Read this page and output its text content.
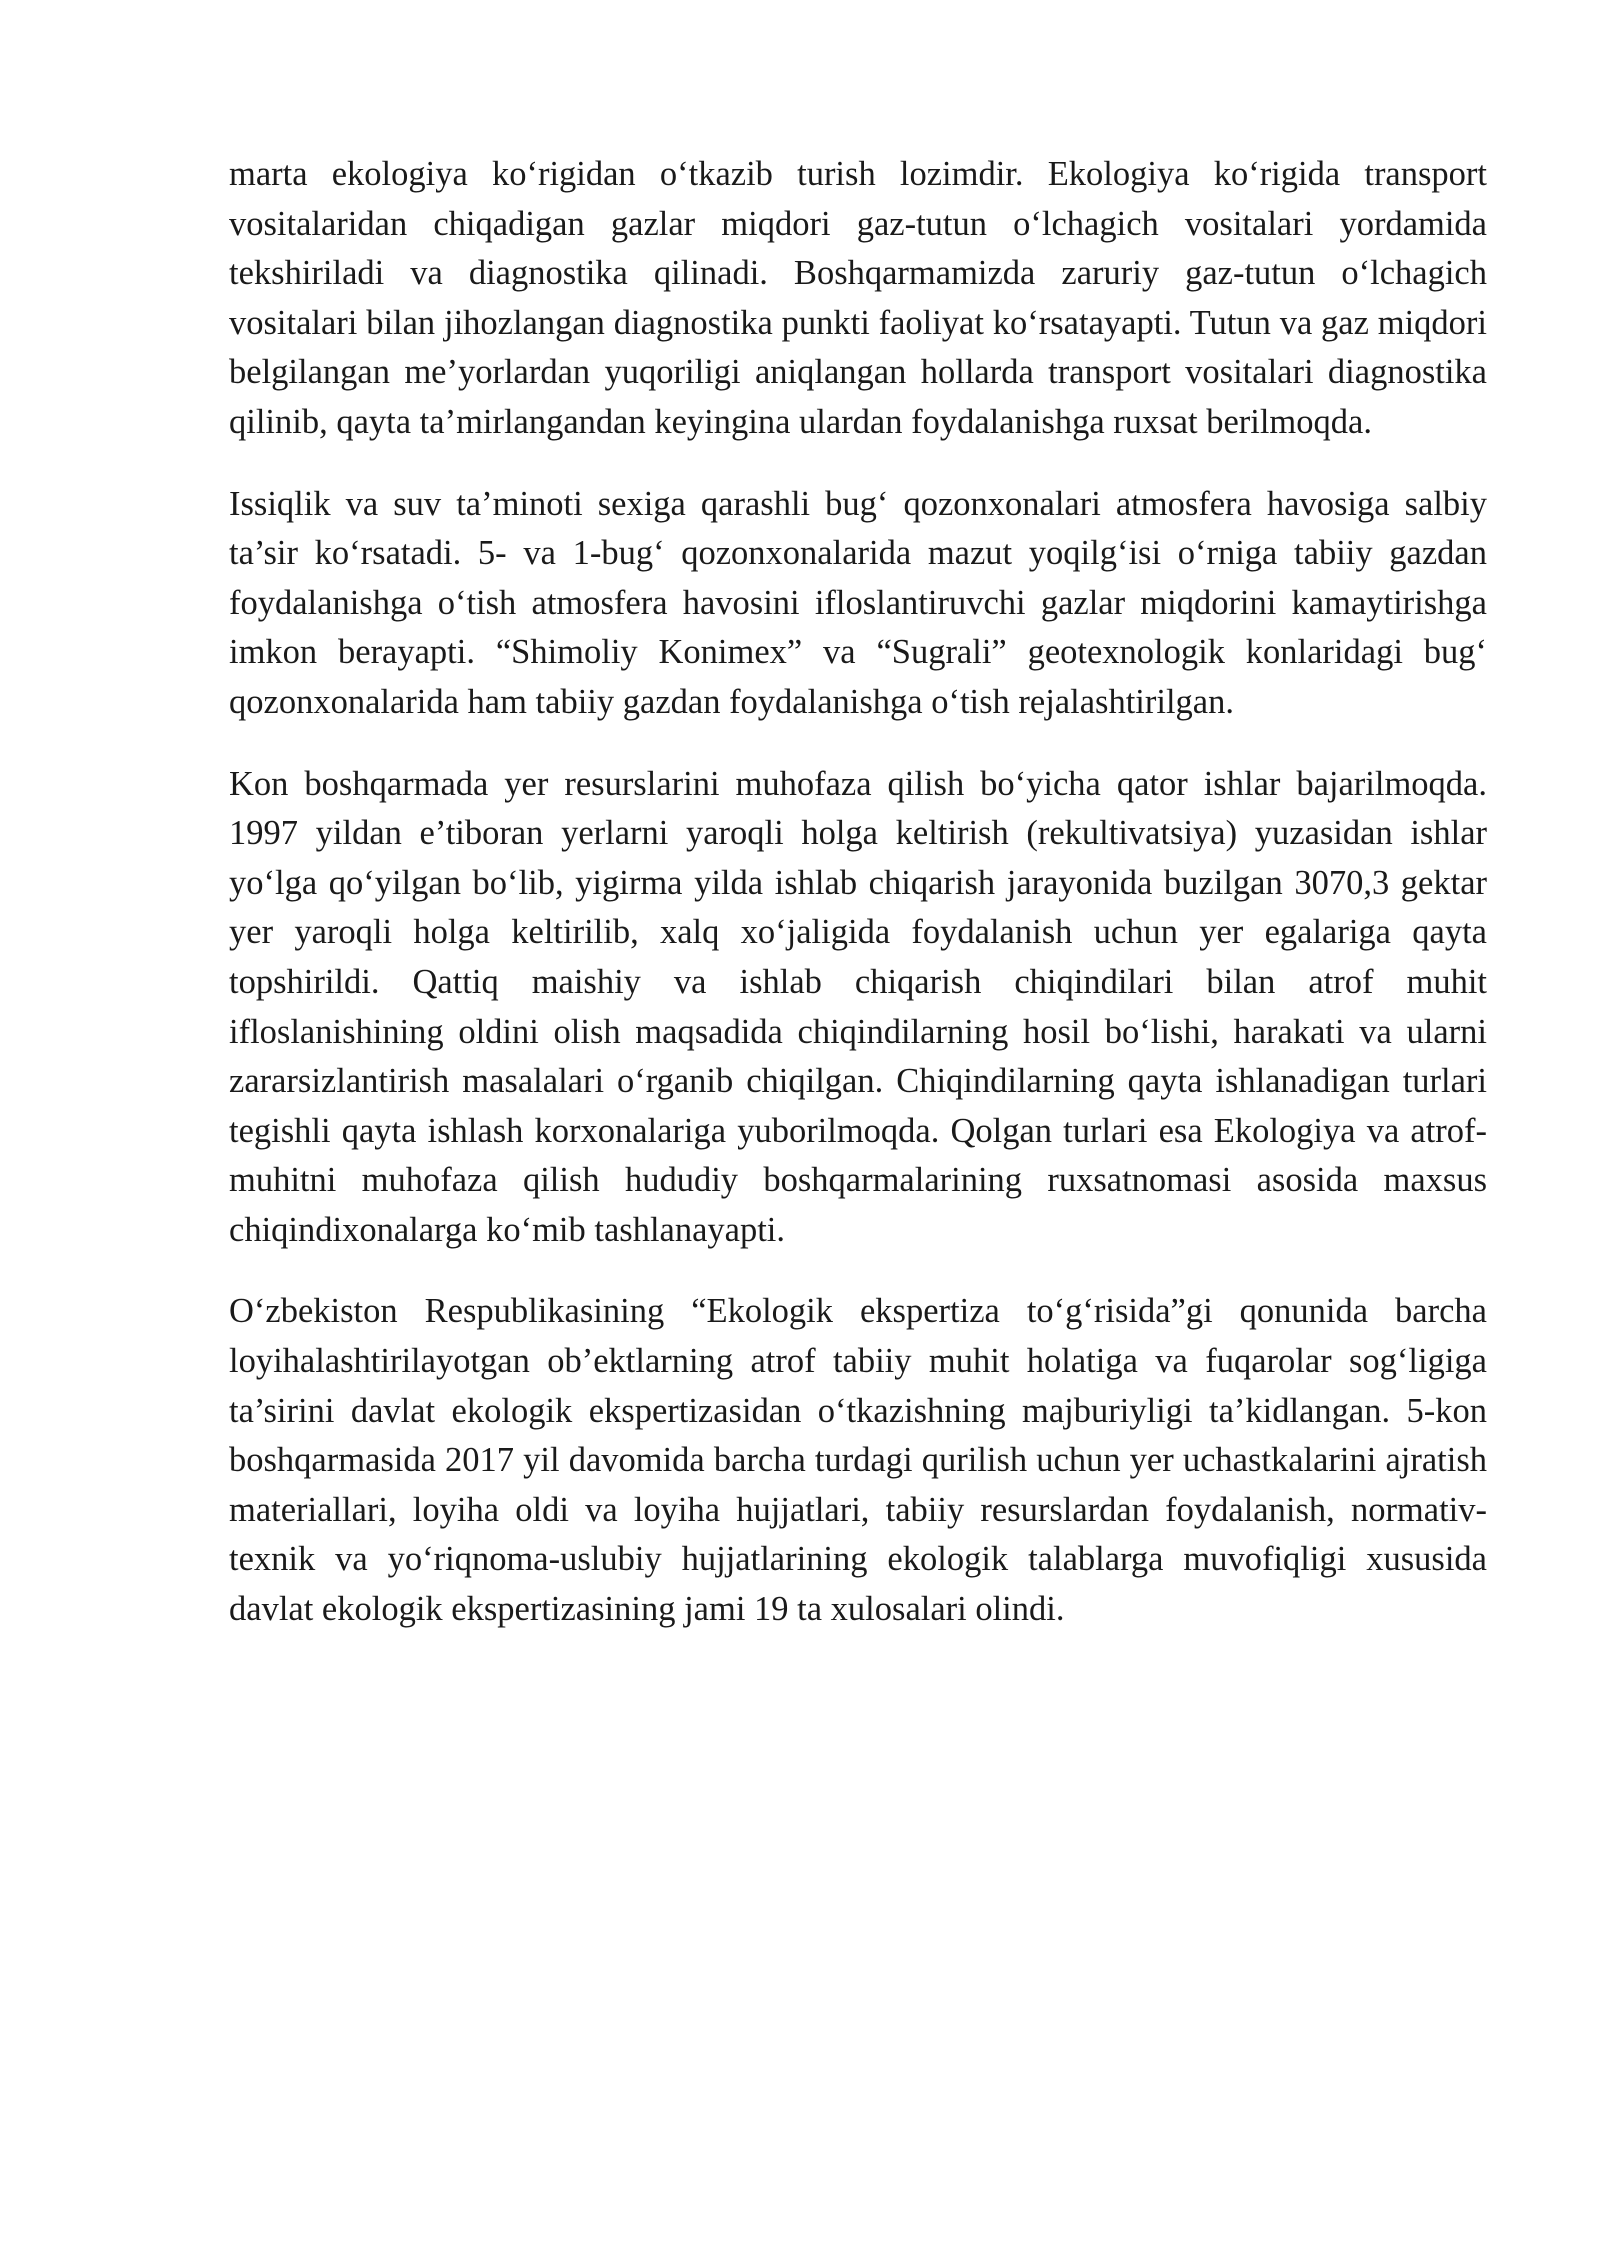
marta ekologiya ko‘rigidan o‘tkazib turish lozimdir. Ekologiya ko‘rigida transport vositalaridan chiqadigan gazlar miqdori gaz-tutun o‘lchagich vositalari yordamida tekshiriladi va diagnostika qilinadi. Boshqarmamizda zaruriy gaz-tutun o‘lchagich vositalari bilan jihozlangan diagnostika punkti faoliyat ko‘rsatayapti. Tutun va gaz miqdori belgilangan me’yorlardan yuqoriligi aniqlangan hollarda transport vositalari diagnostika qilinib, qayta ta’mirlangandan keyingina ulardan foydalanishga ruxsat berilmoqda.

Issiqlik va suv ta’minoti sexiga qarashli bug‘ qozonxonalari atmosfera havosiga salbiy ta’sir ko‘rsatadi. 5- va 1-bug‘ qozonxonalarida mazut yoqilg‘isi o‘rniga tabiiy gazdan foydalanishga o‘tish atmosfera havosini ifloslantiruvchi gazlar miqdorini kamaytirishga imkon berayapti. “Shimoliy Konimex” va “Sugrali” geotexnologik konlaridagi bug‘ qozonxonalarida ham tabiiy gazdan foydalanishga o‘tish rejalashtirilgan.

Kon boshqarmada yer resurslarini muhofaza qilish bo‘yicha qator ishlar bajarilmoqda. 1997 yildan e’tiboran yerlarni yaroqli holga keltirish (rekultivatsiya) yuzasidan ishlar yo‘lga qo‘yilgan bo‘lib, yigirma yilda ishlab chiqarish jarayonida buzilgan 3070,3 gektar yer yaroqli holga keltirilib, xalq xo‘jaligida foydalanish uchun yer egalariga qayta topshirildi. Qattiq maishiy va ishlab chiqarish chiqindilari bilan atrof muhit ifloslanishining oldini olish maqsadida chiqindilarning hosil bo‘lishi, harakati va ularni zararsizlantirish masalalari o‘rganib chiqilgan. Chiqindilarning qayta ishlanadigan turlari tegishli qayta ishlash korxonalariga yuborilmoqda. Qolgan turlari esa Ekologiya va atrof-muhitni muhofaza qilish hududiy boshqarmalarining ruxsatnomasi asosida maxsus chiqindixonalarga ko‘mib tashlanayapti.

O‘zbekiston Respublikasining “Ekologik ekspertiza to‘g‘risida”gi qonunida barcha loyihalashtirilayotgan ob’ektlarning atrof tabiiy muhit holatiga va fuqarolar sog‘ligiga ta’sirini davlat ekologik ekspertizasidan o‘tkazishning majburiyligi ta’kidlangan. 5-kon boshqarmasida 2017 yil davomida barcha turdagi qurilish uchun yer uchastkalarini ajratish materiallari, loyiha oldi va loyiha hujjatlari, tabiiy resurslardan foydalanish, normativ-texnik va yo‘riqnoma-uslubiy hujjatlarining ekologik talablarga muvofiqligi xususida davlat ekologik ekspertizasining jami 19 ta xulosalari olindi.
